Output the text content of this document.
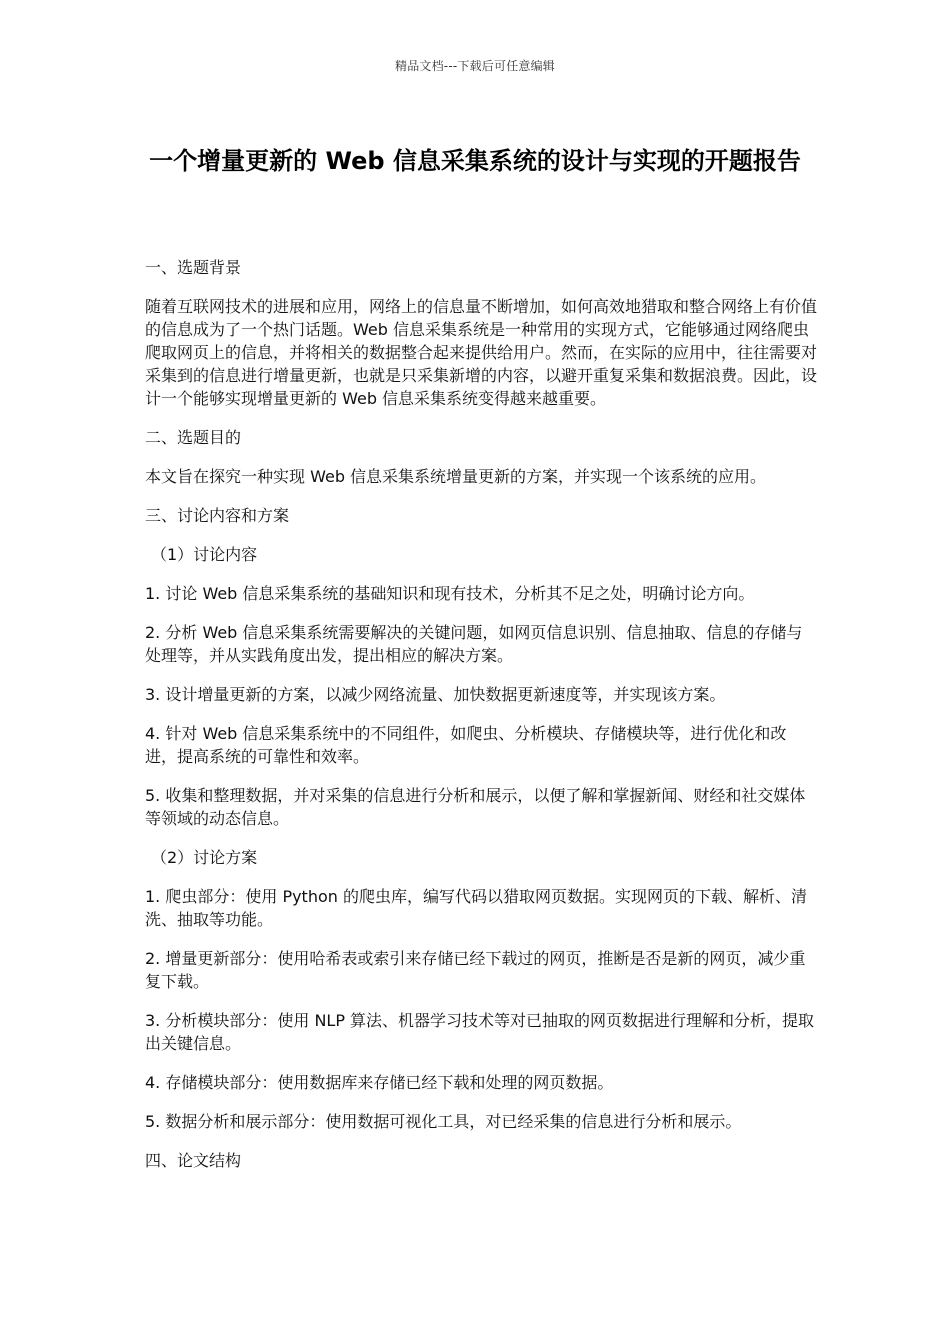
精品文档---下载后可任意编辑
一个增量更新的 Web 信息采集系统的设计与实现的开题报告

一、选题背景

随着互联网技术的进展和应用，网络上的信息量不断增加，如何高效地猎取和整合网络上有价值的信息成为了一个热门话题。Web 信息采集系统是一种常用的实现方式，它能够通过网络爬虫爬取网页上的信息，并将相关的数据整合起来提供给用户。然而，在实际的应用中，往往需要对采集到的信息进行增量更新，也就是只采集新增的内容，以避开重复采集和数据浪费。因此，设计一个能够实现增量更新的 Web 信息采集系统变得越来越重要。

二、选题目的

本文旨在探究一种实现 Web 信息采集系统增量更新的方案，并实现一个该系统的应用。

三、讨论内容和方案

（1）讨论内容

1. 讨论 Web 信息采集系统的基础知识和现有技术，分析其不足之处，明确讨论方向。

2. 分析 Web 信息采集系统需要解决的关键问题，如网页信息识别、信息抽取、信息的存储与处理等，并从实践角度出发，提出相应的解决方案。

3. 设计增量更新的方案，以减少网络流量、加快数据更新速度等，并实现该方案。

4. 针对 Web 信息采集系统中的不同组件，如爬虫、分析模块、存储模块等，进行优化和改进，提高系统的可靠性和效率。

5. 收集和整理数据，并对采集的信息进行分析和展示，以便了解和掌握新闻、财经和社交媒体等领域的动态信息。

（2）讨论方案

1. 爬虫部分：使用 Python 的爬虫库，编写代码以猎取网页数据。实现网页的下载、解析、清洗、抽取等功能。

2. 增量更新部分：使用哈希表或索引来存储已经下载过的网页，推断是否是新的网页，减少重复下载。

3. 分析模块部分：使用 NLP 算法、机器学习技术等对已抽取的网页数据进行理解和分析，提取出关键信息。

4. 存储模块部分：使用数据库来存储已经下载和处理的网页数据。

5. 数据分析和展示部分：使用数据可视化工具，对已经采集的信息进行分析和展示。

四、论文结构
